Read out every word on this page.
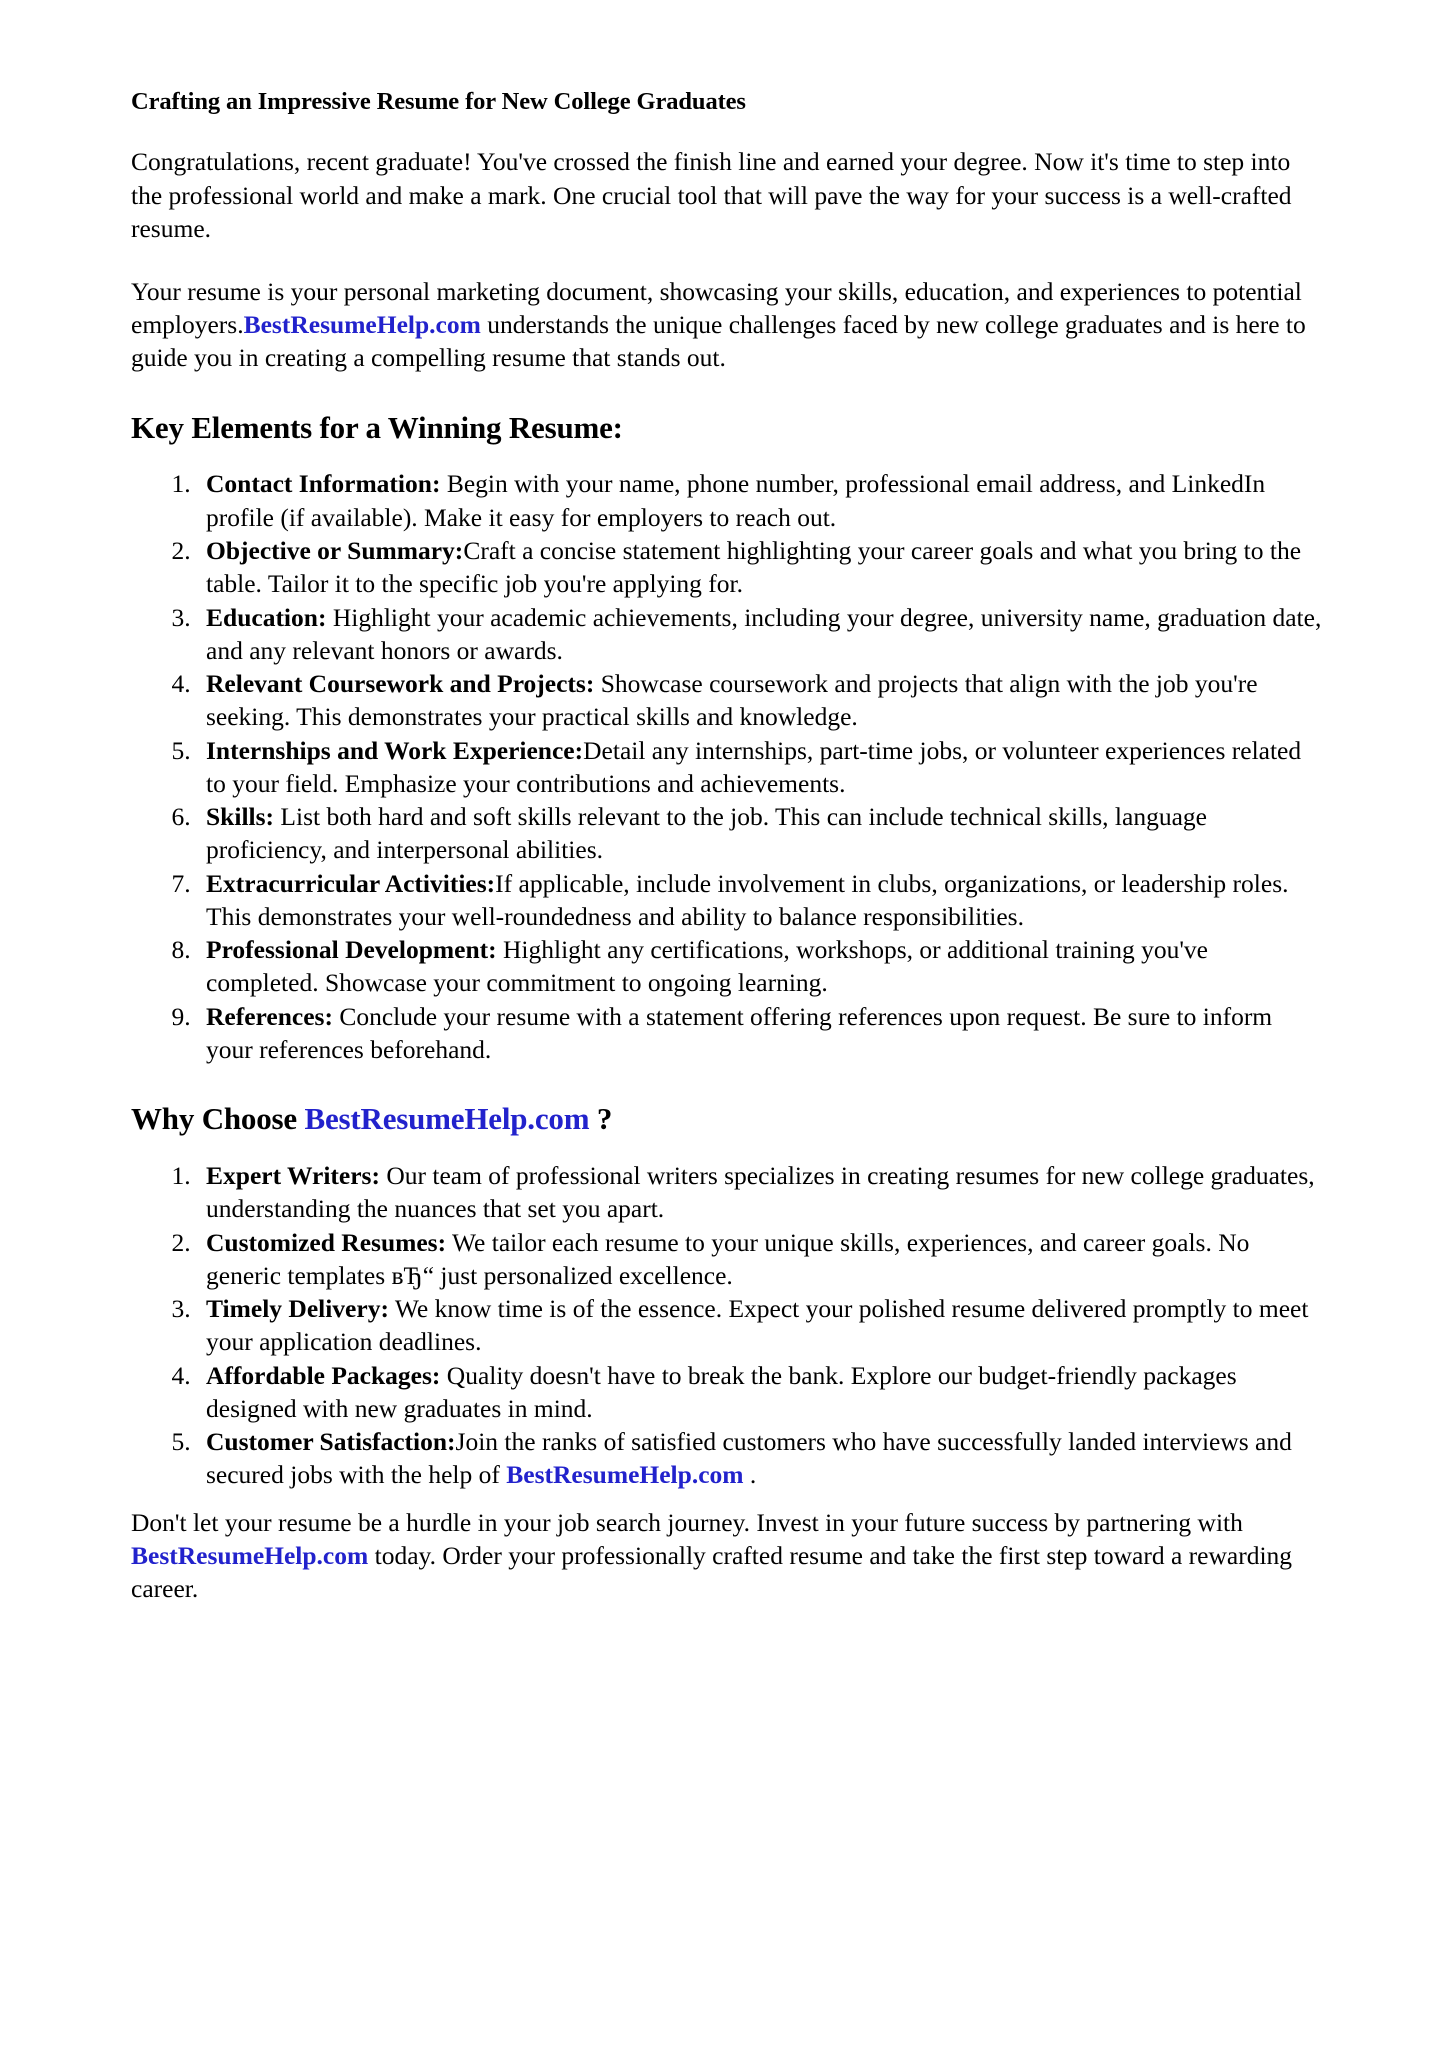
Crafting an Impressive Resume for New College Graduates

Congratulations, recent graduate! You've crossed the finish line and earned your degree. Now it's time to step into the professional world and make a mark. One crucial tool that will pave the way for your success is a well-crafted resume.

Your resume is your personal marketing document, showcasing your skills, education, and experiences to potential employers.BestResumeHelp.com understands the unique challenges faced by new college graduates and is here to guide you in creating a compelling resume that stands out.

Key Elements for a Winning Resume:
1. Contact Information: Begin with your name, phone number, professional email address, and LinkedIn profile (if available). Make it easy for employers to reach out.
2. Objective or Summary:Craft a concise statement highlighting your career goals and what you bring to the table. Tailor it to the specific job you're applying for.
3. Education: Highlight your academic achievements, including your degree, university name, graduation date, and any relevant honors or awards.
4. Relevant Coursework and Projects: Showcase coursework and projects that align with the job you're seeking. This demonstrates your practical skills and knowledge.
5. Internships and Work Experience:Detail any internships, part-time jobs, or volunteer experiences related to your field. Emphasize your contributions and achievements.
6. Skills: List both hard and soft skills relevant to the job. This can include technical skills, language proficiency, and interpersonal abilities.
7. Extracurricular Activities:If applicable, include involvement in clubs, organizations, or leadership roles. This demonstrates your well-roundedness and ability to balance responsibilities.
8. Professional Development: Highlight any certifications, workshops, or additional training you've completed. Showcase your commitment to ongoing learning.
9. References: Conclude your resume with a statement offering references upon request. Be sure to inform your references beforehand.
Why Choose BestResumeHelp.com ?
1. Expert Writers: Our team of professional writers specializes in creating resumes for new college graduates, understanding the nuances that set you apart.
2. Customized Resumes: We tailor each resume to your unique skills, experiences, and career goals. No generic templates вЂ“ just personalized excellence.
3. Timely Delivery: We know time is of the essence. Expect your polished resume delivered promptly to meet your application deadlines.
4. Affordable Packages: Quality doesn't have to break the bank. Explore our budget-friendly packages designed with new graduates in mind.
5. Customer Satisfaction:Join the ranks of satisfied customers who have successfully landed interviews and secured jobs with the help of BestResumeHelp.com .

Don't let your resume be a hurdle in your job search journey. Invest in your future success by partnering with BestResumeHelp.com today. Order your professionally crafted resume and take the first step toward a rewarding career.
